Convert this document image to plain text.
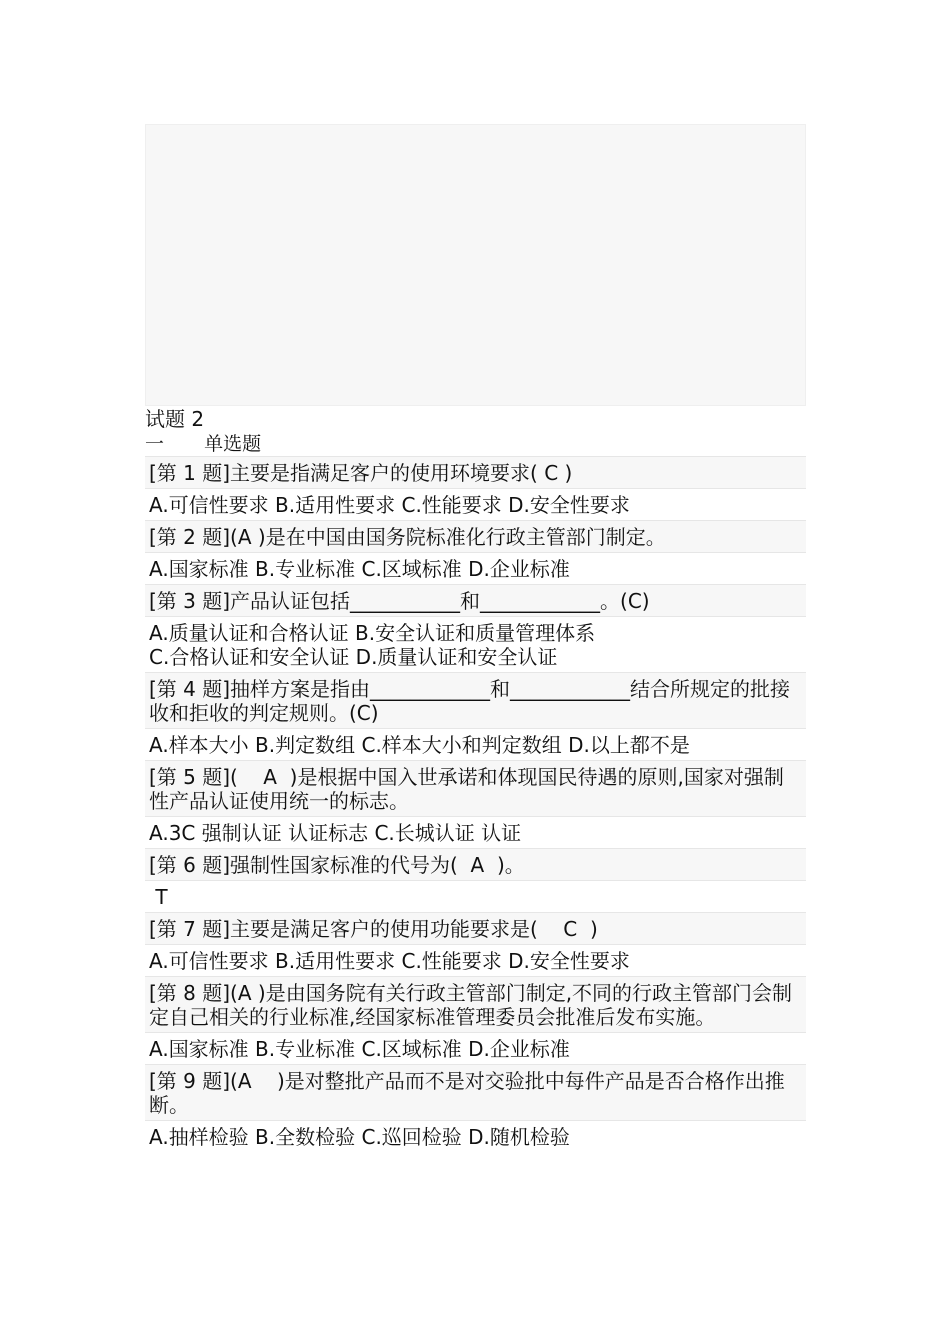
试题 2
一 单选题
[第 1 题]主要是指满足客户的使用环境要求( C )
A.可信性要求 B.适用性要求 C.性能要求 D.安全性要求
[第 2 题](A )是在中国由国务院标准化行政主管部门制定。
A.国家标准 B.专业标准 C.区域标准 D.企业标准
[第 3 题]产品认证包括___________和____________。(C)
A.质量认证和合格认证 B.安全认证和质量管理体系
C.合格认证和安全认证 D.质量认证和安全认证
[第 4 题]抽样方案是指由____________和____________结合所规定的批接收和拒收的判定规则。(C)
A.样本大小 B.判定数组 C.样本大小和判定数组 D.以上都不是
[第 5 题](    A  )是根据中国入世承诺和体现国民待遇的原则,国家对强制性产品认证使用统一的标志。
A.3C 强制认证 认证标志 C.长城认证 认证
[第 6 题]强制性国家标准的代号为(  A  )。
T
[第 7 题]主要是满足客户的使用功能要求是(    C  )
A.可信性要求 B.适用性要求 C.性能要求 D.安全性要求
[第 8 题](A )是由国务院有关行政主管部门制定,不同的行政主管部门会制定自己相关的行业标准,经国家标准管理委员会批准后发布实施。
A.国家标准 B.专业标准 C.区域标准 D.企业标准
[第 9 题](A    )是对整批产品而不是对交验批中每件产品是否合格作出推断。
A.抽样检验 B.全数检验 C.巡回检验 D.随机检验
